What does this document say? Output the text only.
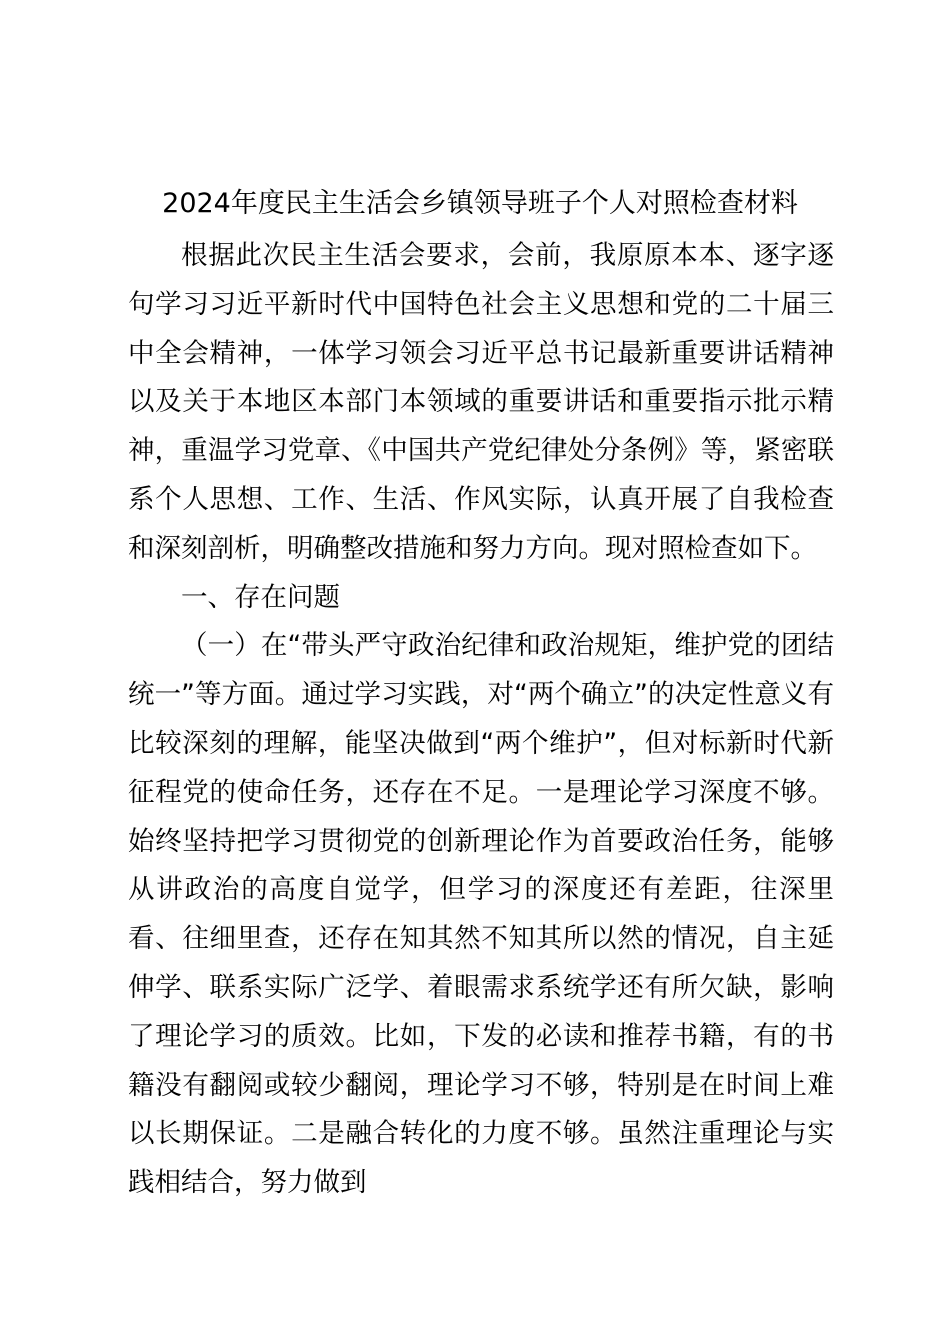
2024年度民主生活会乡镇领导班子个人对照检查材料

根据此次民主生活会要求，会前，我原原本本、逐字逐句学习习近平新时代中国特色社会主义思想和党的二十届三中全会精神，一体学习领会习近平总书记最新重要讲话精神以及关于本地区本部门本领域的重要讲话和重要指示批示精神，重温学习党章、《中国共产党纪律处分条例》等，紧密联系个人思想、工作、生活、作风实际，认真开展了自我检查和深刻剖析，明确整改措施和努力方向。现对照检查如下。

一、存在问题

（一）在“带头严守政治纪律和政治规矩，维护党的团结统一”等方面。通过学习实践，对“两个确立”的决定性意义有比较深刻的理解，能坚决做到“两个维护”，但对标新时代新征程党的使命任务，还存在不足。一是理论学习深度不够。始终坚持把学习贯彻党的创新理论作为首要政治任务，能够从讲政治的高度自觉学，但学习的深度还有差距，往深里看、往细里查，还存在知其然不知其所以然的情况，自主延伸学、联系实际广泛学、着眼需求系统学还有所欠缺，影响了理论学习的质效。比如，下发的必读和推荐书籍，有的书籍没有翻阅或较少翻阅，理论学习不够，特别是在时间上难以长期保证。二是融合转化的力度不够。虽然注重理论与实践相结合，努力做到
